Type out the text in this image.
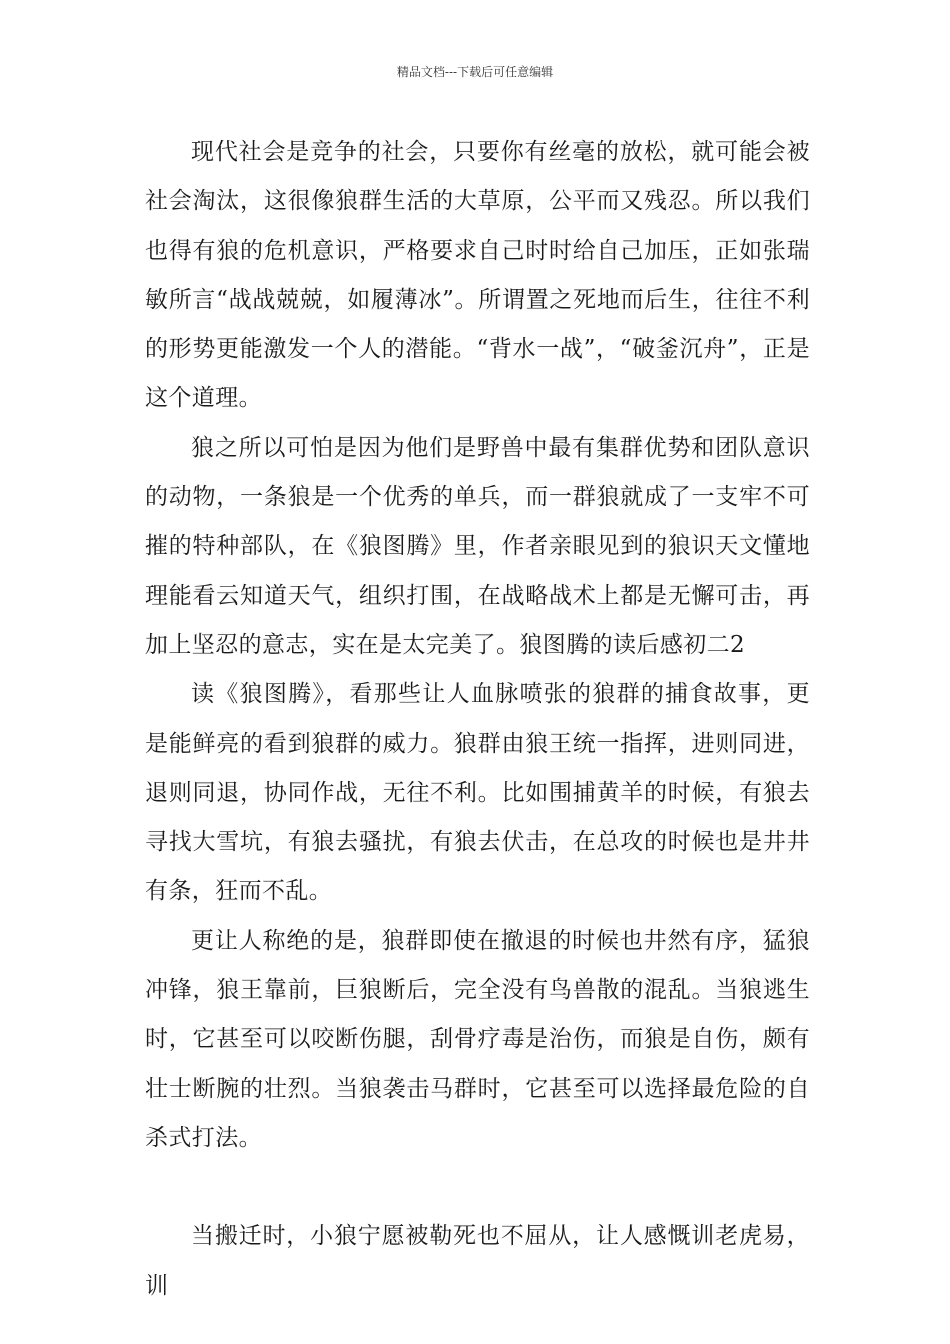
精品文档---下载后可任意编辑

现代社会是竞争的社会，只要你有丝毫的放松，就可能会被社会淘汰，这很像狼群生活的大草原，公平而又残忍。所以我们也得有狼的危机意识，严格要求自己时时给自己加压，正如张瑞敏所言“战战兢兢，如履薄冰”。所谓置之死地而后生，往往不利的形势更能激发一个人的潜能。“背水一战”，“破釜沉舟”，正是这个道理。

狼之所以可怕是因为他们是野兽中最有集群优势和团队意识的动物，一条狼是一个优秀的单兵，而一群狼就成了一支牢不可摧的特种部队，在《狼图腾》里，作者亲眼见到的狼识天文懂地理能看云知道天气，组织打围，在战略战术上都是无懈可击，再加上坚忍的意志，实在是太完美了。狼图腾的读后感初二2

读《狼图腾》，看那些让人血脉喷张的狼群的捕食故事，更是能鲜亮的看到狼群的威力。狼群由狼王统一指挥，进则同进，退则同退，协同作战，无往不利。比如围捕黄羊的时候，有狼去寻找大雪坑，有狼去骚扰，有狼去伏击，在总攻的时候也是井井有条，狂而不乱。

更让人称绝的是，狼群即使在撤退的时候也井然有序，猛狼冲锋，狼王靠前，巨狼断后，完全没有鸟兽散的混乱。当狼逃生时，它甚至可以咬断伤腿，刮骨疗毒是治伤，而狼是自伤，颇有壮士断腕的壮烈。当狼袭击马群时，它甚至可以选择最危险的自杀式打法。

当搬迁时，小狼宁愿被勒死也不屈从，让人感慨训老虎易，训
